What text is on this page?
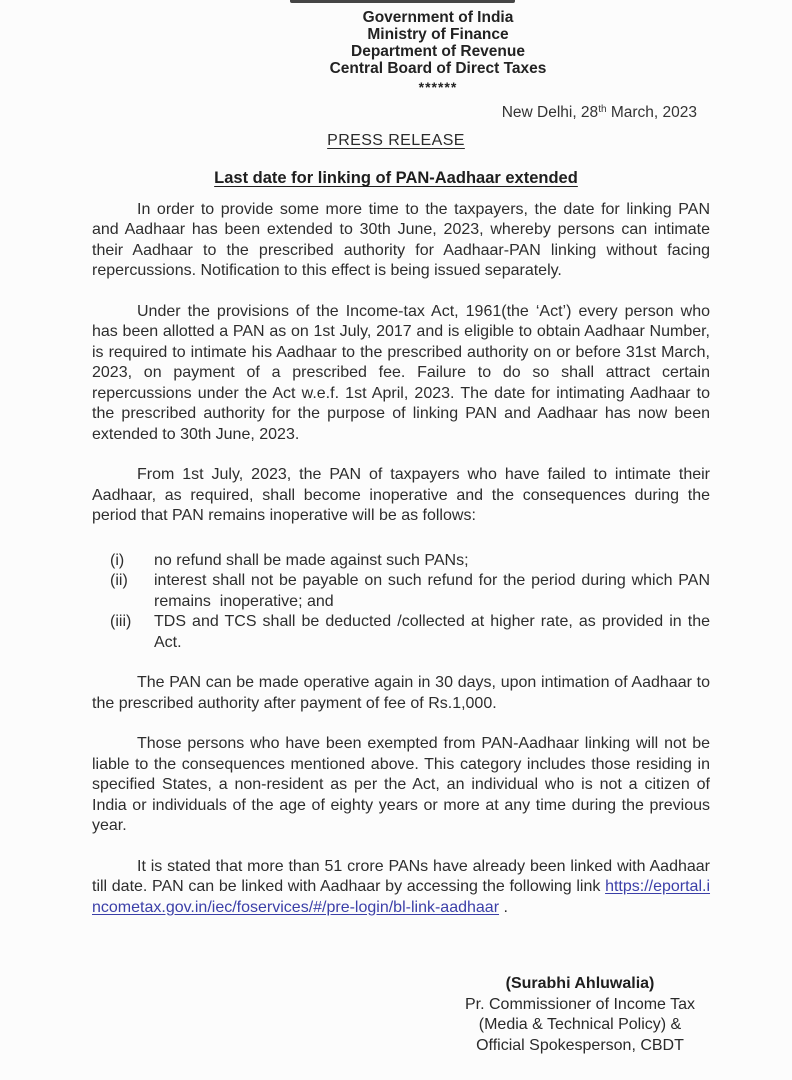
Government of India
Ministry of Finance
Department of Revenue
Central Board of Direct Taxes
******
New Delhi, 28th March, 2023
PRESS RELEASE
Last date for linking of PAN-Aadhaar extended

In order to provide some more time to the taxpayers, the date for linking PAN and Aadhaar has been extended to 30th June, 2023, whereby persons can intimate their Aadhaar to the prescribed authority for Aadhaar-PAN linking without facing repercussions. Notification to this effect is being issued separately.

Under the provisions of the Income-tax Act, 1961(the ‘Act’) every person who has been allotted a PAN as on 1st July, 2017 and is eligible to obtain Aadhaar Number, is required to intimate his Aadhaar to the prescribed authority on or before 31st March, 2023, on payment of a prescribed fee. Failure to do so shall attract certain repercussions under the Act w.e.f. 1st April, 2023. The date for intimating Aadhaar to the prescribed authority for the purpose of linking PAN and Aadhaar has now been extended to 30th June, 2023.

From 1st July, 2023, the PAN of taxpayers who have failed to intimate their Aadhaar, as required, shall become inoperative and the consequences during the period that PAN remains inoperative will be as follows:

(i)	no refund shall be made against such PANs;
(ii)	interest shall not be payable on such refund for the period during which PAN remains  inoperative; and
(iii)	TDS and TCS shall be deducted /collected at higher rate, as provided in the Act.

The PAN can be made operative again in 30 days, upon intimation of Aadhaar to the prescribed authority after payment of fee of Rs.1,000.

Those persons who have been exempted from PAN-Aadhaar linking will not be liable to the consequences mentioned above. This category includes those residing in specified States, a non-resident as per the Act, an individual who is not a citizen of India or individuals of the age of eighty years or more at any time during the previous year.

It is stated that more than 51 crore PANs have already been linked with Aadhaar till date. PAN can be linked with Aadhaar by accessing the following link https://eportal.incometax.gov.in/iec/foservices/#/pre-login/bl-link-aadhaar .

(Surabhi Ahluwalia)
Pr. Commissioner of Income Tax
(Media & Technical Policy) &
Official Spokesperson, CBDT
